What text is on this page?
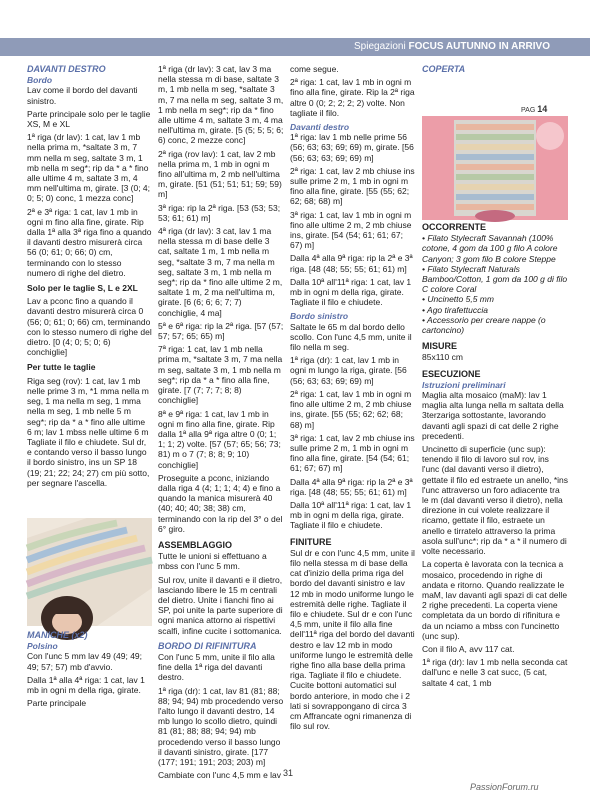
Spiegazioni FOCUS AUTUNNO IN ARRIVO
DAVANTI DESTRO
Bordo

Lav come il bordo del davanti sinistro.

Parte principale solo per le taglie XS, M e XL

1ª riga (dr lav): 1 cat, lav 1 mb nella prima m, *saltate 3 m, 7 mm nella m seg, saltate 3 m, 1 mb nella m seg*; rip da * a * fino alle ultime 4 m, saltate 3 m, 4 mm nell'ultima m, girate. [3 (0; 4; 0; 5; 0) conc, 1 mezza conc]

2ª e 3ª riga: 1 cat, lav 1 mb in ogni m fino alla fine, girate. Rip dalla 1ª alla 3ª riga fino a quando il davanti destro misurerà circa 56 (0; 61; 0; 66; 0) cm, terminando con lo stesso numero di righe del dietro.

Solo per le taglie S, L e 2XL

Lav a pconc fino a quando il davanti destro misurerà circa 0 (56; 0; 61; 0; 66) cm, terminando con lo stesso numero di righe del dietro. [0 (4; 0; 5; 0; 6) conchiglie]

Per tutte le taglie

Riga seg (rov): 1 cat, lav 1 mb nelle prime 3 m, *1 mma nella m seg, 1 ma nella m seg, 1 mma nella m seg, 1 mb nelle 5 m seg*; rip da * a * fino alle ultime 6 m; lav 1 mbss nelle ultime 6 m Tagliate il filo e chiudete. Sul dr, e contando verso il basso lungo il bordo sinistro, ins un SP 18 (19; 21; 22; 24; 27) cm più sotto, per segnare l'ascella.

MANICHE (x2)
Polsino

Con l'unc 5 mm lav 49 (49; 49; 49; 57; 57) mb d'avvio.

Dalla 1ª alla 4ª riga: 1 cat, lav 1 mb in ogni m della riga, girate.

Parte principale

1ª riga (dr lav): 3 cat, lav 3 ma nella stessa m di base, saltate 3 m, 1 mb nella m seg, *saltate 3 m, 7 ma nella m seg, saltate 3 m, 1 mb nella m seg*; rip da * fino alle ultime 4 m, saltate 3 m, 4 ma nell'ultima m, girate. [5 (5; 5; 5; 6; 6) conc, 2 mezze conc]

2ª riga (rov lav): 1 cat, lav 2 mb nella prima m, 1 mb in ogni m fino all'ultima m, 2 mb nell'ultima m, girate. [51 (51; 51; 51; 59; 59) m]

3ª riga: rip la 2ª riga. [53 (53; 53; 53; 61; 61) m]

4ª riga (dr lav): 3 cat, lav 1 ma nella stessa m di base delle 3 cat, saltate 1 m, 1 mb nella m seg, *saltate 3 m, 7 ma nella m seg, saltate 3 m, 1 mb nella m seg*; rip da * fino alle ultime 2 m, saltate 1 m, 2 ma nell'ultima m, girate. [6 (6; 6; 6; 7; 7) conchiglie, 4 ma]

5ª e 6ª riga: rip la 2ª riga. [57 (57; 57; 57; 65; 65) m]

7ª riga: 1 cat, lav 1 mb nella prima m, *saltate 3 m, 7 ma nella m seg, saltate 3 m, 1 mb nella m seg*; rip da * a * fino alla fine, girate. [7 (7; 7; 7; 8; 8) conchiglie]

8ª e 9ª riga: 1 cat, lav 1 mb in ogni m fino alla fine, girate. Rip dalla 1ª alla 9ª riga altre 0 (0; 1; 1; 1; 2) volte. [57 (57; 65; 56; 73; 81) m o 7 (7; 8; 8; 9; 10) conchiglie]

Proseguite a pconc, iniziando dalla riga 4 (4; 1; 1; 4; 4) e fino a quando la manica misurerà 40 (40; 40; 40; 38; 38) cm, terminando con la rip del 3° o del 6° giro.

ASSEMBLAGGIO

Tutte le unioni si effettuano a mbss con l'unc 5 mm.

Sul rov, unite il davanti e il dietro, lasciando libere le 15 m centrali del dietro. Unite i fianchi fino ai SP, poi unite la parte superiore di ogni manica attorno ai rispettivi scalfi, infine cucite i sottomanica.

BORDO DI RIFINITURA

Con l'unc 5 mm, unite il filo alla fine della 1ª riga del davanti destro.

1ª riga (dr): 1 cat, lav 81 (81; 88; 88; 94; 94) mb procedendo verso l'alto lungo il davanti destro, 14 mb lungo lo scollo dietro, quindi 81 (81; 88; 88; 94; 94) mb procedendo verso il basso lungo il davanti sinistro, girate. [177 (177; 191; 191; 203; 203) m]

Cambiate con l'unc 4,5 mm e lav

come segue.

2ª riga: 1 cat, lav 1 mb in ogni m fino alla fine, girate. Rip la 2ª riga altre 0 (0; 2; 2; 2; 2) volte. Non tagliate il filo.

Davanti destro

1ª riga: lav 1 mb nelle prime 56 (56; 63; 63; 69; 69) m, girate. [56 (56; 63; 63; 69; 69) m]

2ª riga: 1 cat, lav 2 mb chiuse ins sulle prime 2 m, 1 mb in ogni m fino alla fine, girate. [55 (55; 62; 62; 68; 68) m]

3ª riga: 1 cat, lav 1 mb in ogni m fino alle ultime 2 m, 2 mb chiuse ins, girate. [54 (54; 61; 61; 67; 67) m]

Dalla 4ª alla 9ª riga: rip la 2ª e 3ª riga. [48 (48; 55; 55; 61; 61) m]

Dalla 10ª all'11ª riga: 1 cat, lav 1 mb in ogni m della riga, girate. Tagliate il filo e chiudete.

Bordo sinistro

Saltate le 65 m dal bordo dello scollo. Con l'unc 4,5 mm, unite il filo nella m seg.

1ª riga (dr): 1 cat, lav 1 mb in ogni m lungo la riga, girate. [56 (56; 63; 63; 69; 69) m]

2ª riga: 1 cat, lav 1 mb in ogni m fino alle ultime 2 m, 2 mb chiuse ins, girate. [55 (55; 62; 62; 68; 68) m]

3ª riga: 1 cat, lav 2 mb chiuse ins sulle prime 2 m, 1 mb in ogni m fino alla fine, girate. [54 (54; 61; 61; 67; 67) m]

Dalla 4ª alla 9ª riga: rip la 2ª e 3ª riga. [48 (48; 55; 55; 61; 61) m]

Dalla 10ª all'11ª riga: 1 cat, lav 1 mb in ogni m della riga, girate. Tagliate il filo e chiudete.

FINITURE

Sul dr e con l'unc 4,5 mm, unite il filo nella stessa m di base della cat d'inizio della prima riga del bordo del davanti sinistro e lav 12 mb in modo uniforme lungo le estremità delle righe. Tagliate il filo e chiudete. Sul dr e con l'unc 4,5 mm, unite il filo alla fine dell'11ª riga del bordo del davanti destro e lav 12 mb in modo uniforme lungo le estremità delle righe fino alla base della prima riga. Tagliate il filo e chiudete. Cucite bottoni automatici sul bordo anteriore, in modo che i 2 lati si sovrappongano di circa 3 cm Affrancate ogni rimanenza di filo sul rov.

COPERTA
PAG 14
OCCORRENTE

• Filato Stylecraft Savannah (100% cotone, 4 gom da 100 g filo A colore Canyon; 3 gom filo B colore Steppe

• Filato Stylecraft Naturals Bamboo/Cotton, 1 gom da 100 g di filo C colore Coral

• Uncinetto 5,5 mm

• Ago tirafettuccia

• Accessorio per creare nappe (o cartoncino)

MISURE

85x110 cm

ESECUZIONE
Istruzioni preliminari

Maglia alta mosaico (maM): lav 1 maglia alta lunga nella m saltata della 3terzariga sottostante, lavorando davanti agli spazi di cat delle 2 righe precedenti.

Uncinetto di superficie (unc sup): tenendo il filo di lavoro sul rov, ins l'unc (dal davanti verso il dietro), gettate il filo ed estraete un anello, *ins l'unc attraverso un foro adiacente tra le m (dal davanti verso il dietro), nella direzione in cui volete realizzare il ricamo, gettate il filo, estraete un anello e tirratelo attraverso la prima asola sull'unc*; rip da * a * il numero di volte necessario.

La coperta è lavorata con la tecnica a mosaico, procedendo in righe di andata e ritorno. Quando realizzate le maM, lav davanti agli spazi di cat delle 2 righe precedenti. La coperta viene completata da un bordo di rifinitura e da un nciamo a mbss con l'uncinetto (unc sup).

Con il filo A, avv 117 cat.

1ª riga (dr): lav 1 mb nella seconda cat dall'unc e nelle 3 cat succ, (5 cat, saltate 4 cat, 1 mb

31
PassionForum.ru
